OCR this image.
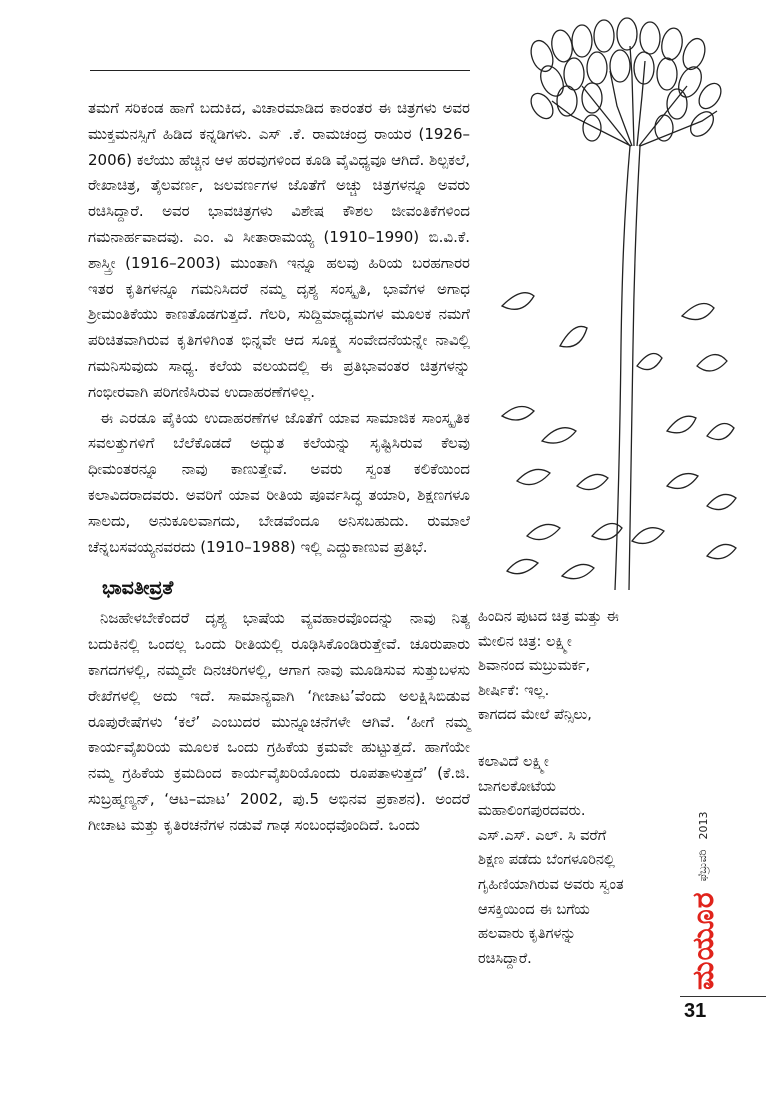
ತಮಗೆ ಸರಿಕಂಡ ಹಾಗೆ ಬದುಕಿದ, ವಿಚಾರಮಾಡಿದ ಕಾರಂತರ ಈ ಚಿತ್ರಗಳು ಅವರ ಮುಕ್ತಮನಸ್ಸಿಗೆ ಹಿಡಿದ ಕನ್ನಡಿಗಳು. ಎಸ್ .ಕೆ. ರಾಮಚಂದ್ರ ರಾಯರ (1926–2006) ಕಲೆಯು ಹೆಚ್ಚಿನ ಆಳ ಹರವುಗಳಿಂದ ಕೂಡಿ ವೈವಿಧ್ಯವೂ ಆಗಿದೆ. ಶಿಲ್ಪಕಲೆ, ರೇಖಾಚಿತ್ರ, ತೈಲವರ್ಣ, ಜಲವರ್ಣಗಳ ಜೊತೆಗೆ ಅಚ್ಚು ಚಿತ್ರಗಳನ್ನೂ ಅವರು ರಚಿಸಿದ್ದಾರೆ. ಅವರ ಭಾವಚಿತ್ರಗಳು ವಿಶೇಷ ಕೌಶಲ ಜೀವಂತಿಕೆಗಳಿಂದ ಗಮನಾರ್ಹವಾದವು. ಎಂ. ವಿ ಸೀತಾರಾಮಯ್ಯ (1910–1990) ಬಿ.ವಿ.ಕೆ. ಶಾಸ್ತ್ರೀ (1916–2003) ಮುಂತಾಗಿ ಇನ್ನೂ ಹಲವು ಹಿರಿಯ ಬರಹಗಾರರ ಇತರ ಕೃತಿಗಳನ್ನೂ ಗಮನಿಸಿದರೆ ನಮ್ಮ ದೃಶ್ಯ ಸಂಸ್ಕೃತಿ, ಭಾವೆಗಳ ಅಗಾಧ ಶ್ರೀಮಂತಿಕೆಯು ಕಾಣತೊಡಗುತ್ತದೆ. ಗೆಲರಿ, ಸುದ್ದಿಮಾಧ್ಯಮಗಳ ಮೂಲಕ ನಮಗೆ ಪರಿಚಿತವಾಗಿರುವ ಕೃತಿಗಳಿಗಿಂತ ಭಿನ್ನವೇ ಆದ ಸೂಕ್ಷ್ಮ ಸಂವೇದನೆಯನ್ನೇ ನಾವಿಲ್ಲಿ ಗಮನಿಸುವುದು ಸಾಧ್ಯ. ಕಲೆಯ ವಲಯದಲ್ಲಿ ಈ ಪ್ರತಿಭಾವಂತರ ಚಿತ್ರಗಳನ್ನು ಗಂಭೀರವಾಗಿ ಪರಿಗಣಿಸಿರುವ ಉದಾಹರಣೆಗಳಿಲ್ಲ.

ಈ ಎರಡೂ ಪೈಕಿಯ ಉದಾಹರಣೆಗಳ ಜೊತೆಗೆ ಯಾವ ಸಾಮಾಜಿಕ ಸಾಂಸ್ಕೃತಿಕ ಸವಲತ್ತುಗಳಿಗೆ ಬೆಲೆಕೊಡದೆ ಅದ್ಭುತ ಕಲೆಯನ್ನು ಸೃಷ್ಟಿಸಿರುವ ಕೆಲವು ಧೀಮಂತರನ್ನೂ ನಾವು ಕಾಣುತ್ತೇವೆ. ಅವರು ಸ್ವಂತ ಕಲಿಕೆಯಿಂದ ಕಲಾವಿದರಾದವರು. ಅವರಿಗೆ ಯಾವ ರೀತಿಯ ಪೂರ್ವಸಿದ್ಧ ತಯಾರಿ, ಶಿಕ್ಷಣಗಳೂ ಸಾಲದು, ಅನುಕೂಲವಾಗದು, ಬೇಡವೆಂದೂ ಅನಿಸಬಹುದು. ರುಮಾಲೆ ಚೆನ್ನಬಸವಯ್ಯನವರದು (1910–1988) ಇಲ್ಲಿ ಎದ್ದುಕಾಣುವ ಪ್ರತಿಭೆ.

ಭಾವತೀವ್ರತೆ

ನಿಜಹೇಳಬೇಕೆಂದರೆ ದೃಶ್ಯ ಭಾಷೆಯ ವ್ಯವಹಾರವೊಂದನ್ನು ನಾವು ನಿತ್ಯ ಬದುಕಿನಲ್ಲಿ ಒಂದಲ್ಲ ಒಂದು ರೀತಿಯಲ್ಲಿ ರೂಢಿಸಿಕೊಂಡಿರುತ್ತೇವೆ. ಚೂರುಪಾರು ಕಾಗದಗಳಲ್ಲಿ, ನಮ್ಮದೇ ದಿನಚರಿಗಳಲ್ಲಿ, ಆಗಾಗ ನಾವು ಮೂಡಿಸುವ ಸುತ್ತುಬಳಸು ರೇಖೆಗಳಲ್ಲಿ ಅದು ಇದೆ. ಸಾಮಾನ್ಯವಾಗಿ ‘ಗೀಚಾಟ’ವೆಂದು ಅಲಕ್ಷಿಸಿಬಿಡುವ ರೂಪುರೇಷೆಗಳು ‘ಕಲೆ’ ಎಂಬುದರ ಮುನ್ನೂಚನೆಗಳೇ ಆಗಿವೆ. ‘ಹೀಗೆ ನಮ್ಮ ಕಾರ್ಯವೈಖರಿಯ ಮೂಲಕ ಒಂದು ಗ್ರಹಿಕೆಯ ಕ್ರಮವೇ ಹುಟ್ಟುತ್ತದೆ. ಹಾಗೆಯೇ ನಮ್ಮ ಗ್ರಹಿಕೆಯ ಕ್ರಮದಿಂದ ಕಾರ್ಯವೈಖರಿಯೊಂದು ರೂಪತಾಳುತ್ತದೆ’ (ಕೆ.ಜಿ. ಸುಬ್ರಹ್ಮಣ್ಯನ್, ‘ಆಟ–ಮಾಟ’ 2002, ಪು.5 ಅಭಿನವ ಪ್ರಕಾಶನ). ಅಂದರೆ ಗೀಚಾಟ ಮತ್ತು ಕೃತಿರಚನೆಗಳ ನಡುವೆ ಗಾಢ ಸಂಬಂಧವೊಂದಿದೆ. ಒಂದು

ಹಿಂದಿನ ಪುಟದ ಚಿತ್ರ ಮತ್ತು ಈ

ಮೇಲಿನ ಚಿತ್ರ: ಲಕ್ಷ್ಮೀ

ಶಿವಾನಂದ ಮಬ್ರುಮರ್ಕ,

ಶೀರ್ಷಿಕೆ: ಇಲ್ಲ.

ಕಾಗದದ ಮೇಲೆ ಪೆನ್ಸಿಲು,

ಕಲಾವಿದೆ ಲಕ್ಷ್ಮೀ

ಬಾಗಲಕೋಟೆಯ

ಮಹಾಲಿಂಗಪುರದವರು.

ಎಸ್.ಎಸ್. ಎಲ್. ಸಿ ವರೆಗೆ

ಶಿಕ್ಷಣ ಪಡೆದು ಬೆಂಗಳೂರಿನಲ್ಲಿ

ಗೃಹಿಣಿಯಾಗಿರುವ ಅವರು ಸ್ವಂತ

ಆಸಕ್ತಿಯಿಂದ ಈ ಬಗೆಯ

ಹಲವಾರು ಕೃತಿಗಳನ್ನು

ರಚಿಸಿದ್ದಾರೆ.	ಮಯೂರ
ಫೆಬ್ರುವರಿ
2013
31
